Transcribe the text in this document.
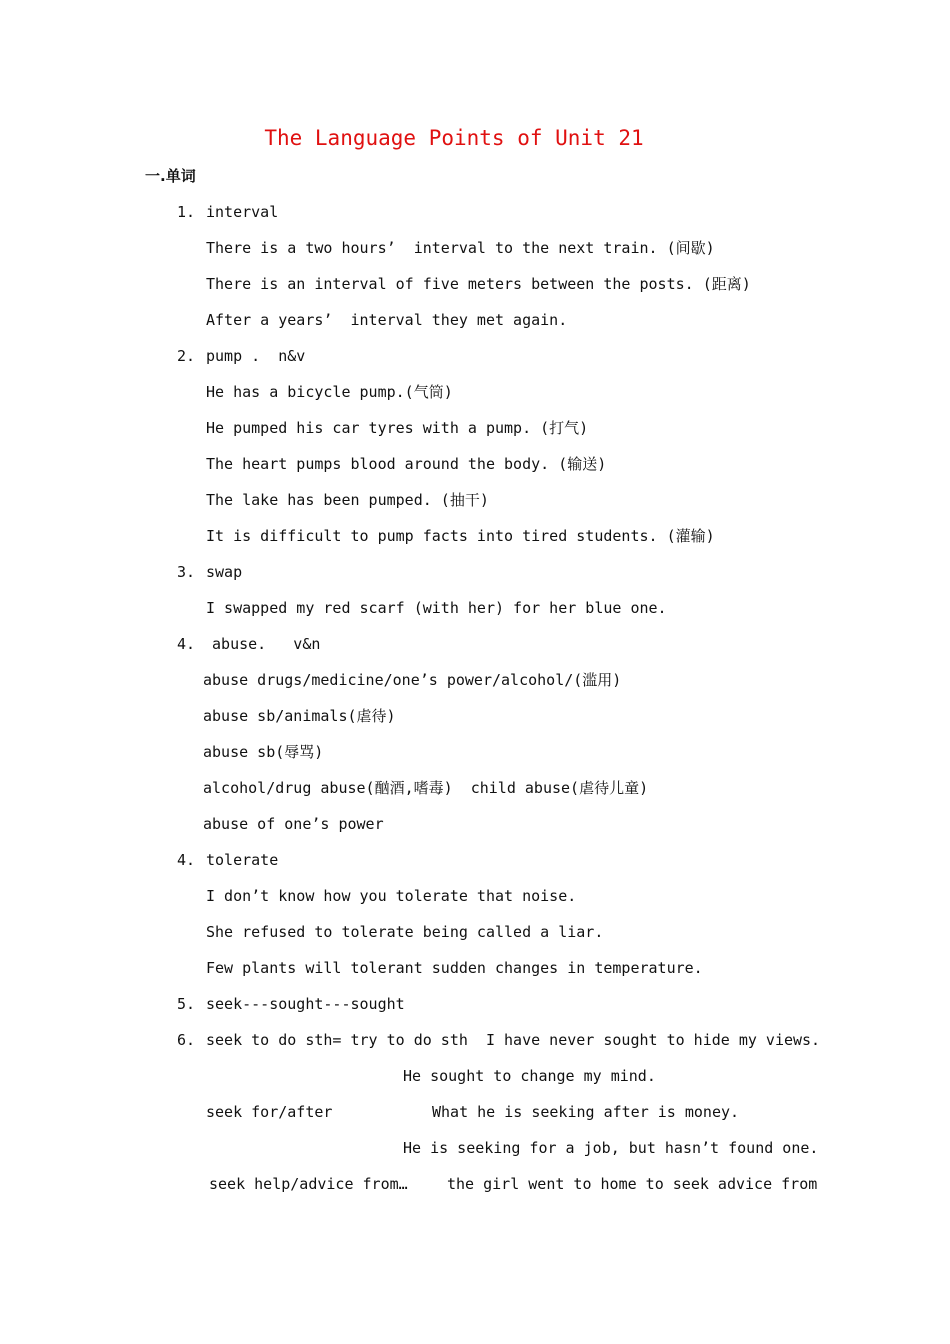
The Language Points of Unit 21
一.单词
1. interval
There is a two hours’  interval to the next train. (间歇)
There is an interval of five meters between the posts. (距离)
After a years’  interval they met again.
2. pump .  n&v
He has a bicycle pump.(气筒)
He pumped his car tyres with a pump. (打气)
The heart pumps blood around the body. (输送)
The lake has been pumped. (抽干)
It is difficult to pump facts into tired students. (灌输)
3. swap
I swapped my red scarf (with her) for her blue one.
4. abuse.   v&n
abuse drugs/medicine/one’s power/alcohol/(滥用)
abuse sb/animals(虐待)
abuse sb(辱骂)
alcohol/drug abuse(酗酒,嗜毒)  child abuse(虐待儿童)
abuse of one’s power
4. tolerate
I don’t know how you tolerate that noise.
She refused to tolerate being called a liar.
Few plants will tolerant sudden changes in temperature.
5. seek---sought---sought
6. seek to do sth= try to do sth  I have never sought to hide my views.
He sought to change my mind.
seek for/after	What he is seeking after is money.
He is seeking for a job, but hasn’t found one.
seek help/advice from…	the girl went to home to seek advice from
